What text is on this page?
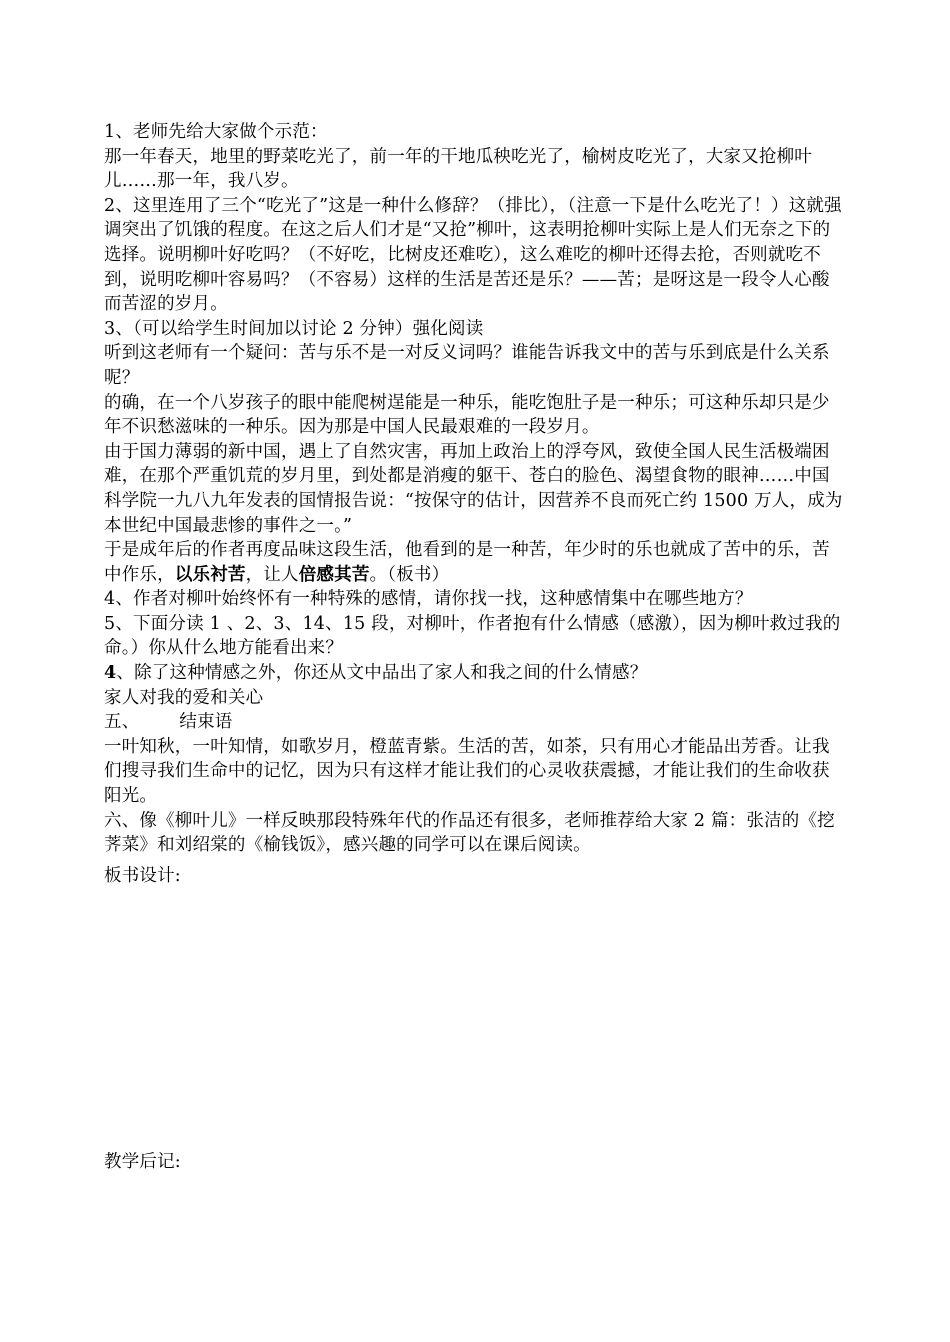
1、老师先给大家做个示范：

那一年春天，地里的野菜吃光了，前一年的干地瓜秧吃光了，榆树皮吃光了，大家又抢柳叶儿……那一年，我八岁。

2、这里连用了三个“吃光了”这是一种什么修辞？（排比），（注意一下是什么吃光了！）这就强调突出了饥饿的程度。在这之后人们才是“又抢”柳叶，这表明抢柳叶实际上是人们无奈之下的选择。说明柳叶好吃吗？（不好吃，比树皮还难吃），这么难吃的柳叶还得去抢，否则就吃不到，说明吃柳叶容易吗？（不容易）这样的生活是苦还是乐？——苦；是呀这是一段令人心酸而苦涩的岁月。

3、（可以给学生时间加以讨论 2 分钟）强化阅读

听到这老师有一个疑问：苦与乐不是一对反义词吗？谁能告诉我文中的苦与乐到底是什么关系呢？

的确，在一个八岁孩子的眼中能爬树逞能是一种乐，能吃饱肚子是一种乐；可这种乐却只是少年不识愁滋味的一种乐。因为那是中国人民最艰难的一段岁月。

由于国力薄弱的新中国，遇上了自然灾害，再加上政治上的浮夸风，致使全国人民生活极端困难，在那个严重饥荒的岁月里，到处都是消瘦的躯干、苍白的脸色、渴望食物的眼神……中国科学院一九八九年发表的国情报告说：“按保守的估计，因营养不良而死亡约 1500 万人，成为本世纪中国最悲惨的事件之一。”

于是成年后的作者再度品味这段生活，他看到的是一种苦，年少时的乐也就成了苦中的乐，苦中作乐，以乐衬苦，让人倍感其苦。（板书）

4、作者对柳叶始终怀有一种特殊的感情，请你找一找，这种感情集中在哪些地方？

5、下面分读 1 、2、3、14、15 段，对柳叶，作者抱有什么情感（感激），因为柳叶救过我的命。）你从什么地方能看出来？

4、除了这种情感之外，你还从文中品出了家人和我之间的什么情感？

家人对我的爱和关心

五、 结束语

一叶知秋，一叶知情，如歌岁月，橙蓝青紫。生活的苦，如茶，只有用心才能品出芳香。让我们搜寻我们生命中的记忆，因为只有这样才能让我们的心灵收获震撼，才能让我们的生命收获阳光。

六、像《柳叶儿》一样反映那段特殊年代的作品还有很多，老师推荐给大家 2 篇：张洁的《挖荠菜》和刘绍棠的《榆钱饭》，感兴趣的同学可以在课后阅读。

板书设计:

教学后记:
